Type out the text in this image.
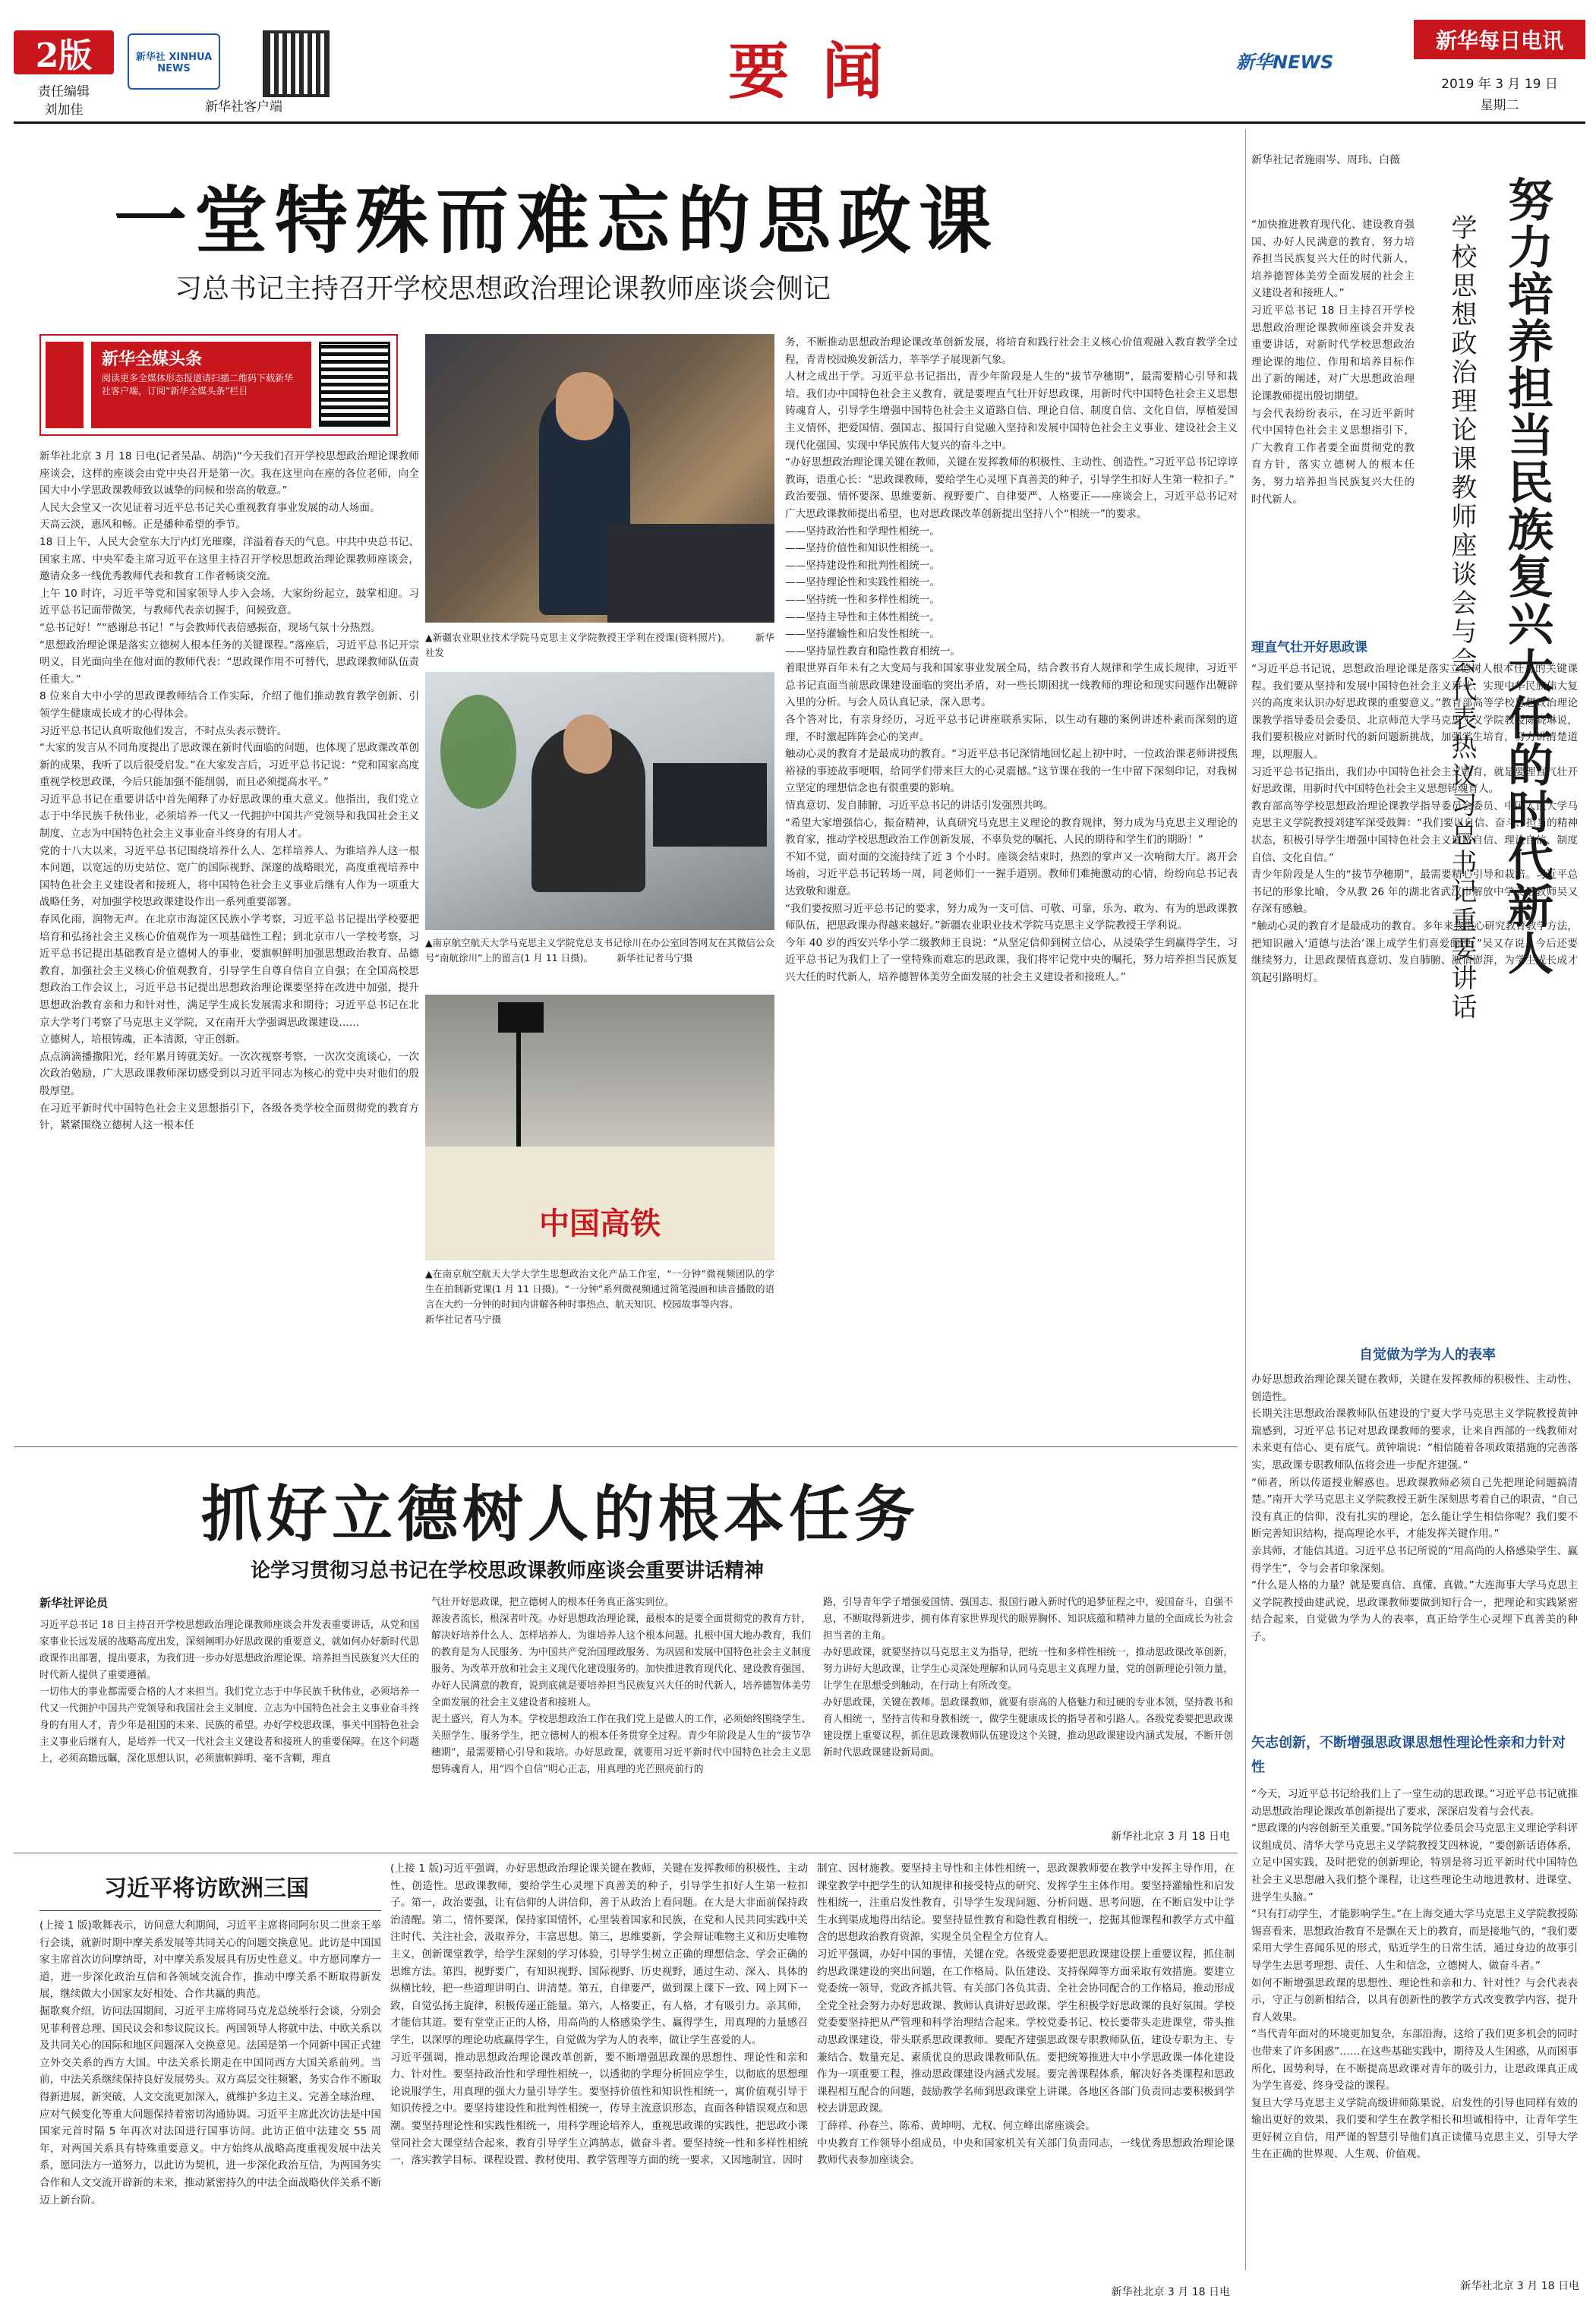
2版
责任编辑
刘加佳
新华社 XINHUA NEWS
新华社客户端	要 闻	新华每日电讯
新华NEWS
2019 年 3 月 19 日
星期二
一堂特殊而难忘的思政课
习总书记主持召开学校思想政治理论课教师座谈会侧记
新华全媒头条
阅读更多全媒体形态报道请扫描二维码下载新华社客户端，订阅“新华全媒头条”栏目
新华社北京 3 月 18 日电(记者吴晶、胡浩)“今天我们召开学校思想政治理论课教师座谈会，这样的座谈会由党中央召开是第一次。我在这里向在座的各位老师，向全国大中小学思政课教师致以诚挚的问候和崇高的敬意。”
人民大会堂又一次见证着习近平总书记关心重视教育事业发展的动人场面。
天高云淡，惠风和畅。正是播种希望的季节。
18 日上午，人民大会堂东大厅内灯光璀璨，洋溢着春天的气息。中共中央总书记、国家主席、中央军委主席习近平在这里主持召开学校思想政治理论课教师座谈会，邀请众多一线优秀教师代表和教育工作者畅谈交流。
上午 10 时许，习近平等党和国家领导人步入会场，大家纷纷起立，鼓掌相迎。习近平总书记面带微笑，与教师代表亲切握手，问候致意。
“总书记好！”“感谢总书记！”与会教师代表倍感振奋，现场气氛十分热烈。
“思想政治理论课是落实立德树人根本任务的关键课程。”落座后，习近平总书记开宗明义，目光面向坐在他对面的教师代表：“思政课作用不可替代，思政课教师队伍责任重大。”
8 位来自大中小学的思政课教师结合工作实际，介绍了他们推动教育教学创新、引领学生健康成长成才的心得体会。
习近平总书记认真听取他们发言，不时点头表示赞许。
“大家的发言从不同角度提出了思政课在新时代面临的问题，也体现了思政课改革创新的成果，我听了以后很受启发。”在大家发言后，习近平总书记说：“党和国家高度重视学校思政课，今后只能加强不能削弱，而且必须提高水平。”
习近平总书记在重要讲话中首先阐释了办好思政课的重大意义。他指出，我们党立志于中华民族千秋伟业，必须培养一代又一代拥护中国共产党领导和我国社会主义制度、立志为中国特色社会主义事业奋斗终身的有用人才。
党的十八大以来，习近平总书记围绕培养什么人、怎样培养人、为谁培养人这一根本问题，以宽远的历史站位、宽广的国际视野、深邃的战略眼光，高度重视培养中国特色社会主义建设者和接班人，将中国特色社会主义事业后继有人作为一项重大战略任务，对加强学校思政课建设作出一系列重要部署。
春风化雨，润物无声。在北京市海淀区民族小学考察，习近平总书记提出学校要把培育和弘扬社会主义核心价值观作为一项基础性工程；到北京市八一学校考察，习近平总书记提出基础教育是立德树人的事业，要旗帜鲜明加强思想政治教育、品德教育，加强社会主义核心价值观教育，引导学生自尊自信自立自强；在全国高校思想政治工作会议上，习近平总书记提出思想政治理论课要坚持在改进中加强，提升思想政治教育亲和力和针对性，满足学生成长发展需求和期待；习近平总书记在北京大学考门考察了马克思主义学院，又在南开大学强调思政课建设……
立德树人，培根铸魂，正本清源，守正创新。
点点滴滴播撒阳光，经年累月铸就美好。一次次视察考察，一次次交流谈心，一次次政治勉励，广大思政课教师深切感受到以习近平同志为核心的党中央对他们的殷殷厚望。
在习近平新时代中国特色社会主义思想指引下，各级各类学校全面贯彻党的教育方针，紧紧围绕立德树人这一根本任
▲新疆农业职业技术学院马克思主义学院教授王学利在授课(资料照片)。　　　新华社发
▲南京航空航天大学马克思主义学院党总支书记徐川在办公室回答网友在其微信公众号“南航徐川”上的留言(1 月 11 日摄)。　　　新华社记者马宁摄
中国高铁
▲在南京航空航天大学大学生思想政治文化产品工作室，“一分钟”微视频团队的学生在拍制新党课(1 月 11 日摄)。“一分钟”系列微视频通过简笔漫画和读音播散的语言在大约一分钟的时间内讲解各种时事热点、航天知识、校园故事等内容。
新华社记者马宁摄
务，不断推动思想政治理论课改革创新发展，将培育和践行社会主义核心价值观融入教育教学全过程，青青校园焕发新活力，莘莘学子展现新气象。
人材之成出于学。习近平总书记指出，青少年阶段是人生的“拔节孕穗期”，最需要精心引导和栽培。我们办中国特色社会主义教育，就是要理直气壮开好思政课，用新时代中国特色社会主义思想铸魂育人，引导学生增强中国特色社会主义道路自信、理论自信、制度自信、文化自信，厚植爱国主义情怀，把爱国情、强国志、报国行自觉融入坚持和发展中国特色社会主义事业、建设社会主义现代化强国、实现中华民族伟大复兴的奋斗之中。
“办好思想政治理论课关键在教师，关键在发挥教师的积极性、主动性、创造性。”习近平总书记谆谆教诲，语重心长：“思政课教师，要给学生心灵埋下真善美的种子，引导学生扣好人生第一粒扣子。”
政治要强、情怀要深、思维要新、视野要广、自律要严、人格要正——座谈会上，习近平总书记对广大思政课教师提出希望，也对思政课改革创新提出坚持八个“相统一”的要求。
——坚持政治性和学理性相统一。
——坚持价值性和知识性相统一。
——坚持建设性和批判性相统一。
——坚持理论性和实践性相统一。
——坚持统一性和多样性相统一。
——坚持主导性和主体性相统一。
——坚持灌输性和启发性相统一。
——坚持显性教育和隐性教育相统一。
着眼世界百年未有之大变局与我和国家事业发展全局，结合教书育人规律和学生成长规律，习近平总书记直面当前思政课建设面临的突出矛盾，对一些长期困扰一线教师的理论和现实问题作出鞭辟入里的分析。与会人员认真记录，深入思考。
各个答对比，有亲身经历，习近平总书记讲座联系实际，以生动有趣的案例讲述朴素而深刻的道理，不时激起阵阵会心的笑声。
触动心灵的教育才是最成功的教育。“习近平总书记深情地回忆起上初中时，一位政治课老师讲授焦裕禄的事迹故事哽咽，给同学们带来巨大的心灵震撼。”这节课在我的一生中留下深刻印记，对我树立坚定的理想信念也有很重要的影响。
情真意切、发自肺腑，习近平总书记的讲话引发强烈共鸣。
“希望大家增强信心，振奋精神，认真研究马克思主义理论的教育规律，努力成为马克思主义理论的教育家，推动学校思想政治工作创新发展，不辜负党的嘱托、人民的期待和学生们的期盼！”
不知不觉，面对面的交流持续了近 3 个小时。座谈会结束时，热烈的掌声又一次响彻大厅。离开会场前，习近平总书记转场一周，同老师们一一握手道别。教师们难掩激动的心情，纷纷向总书记表达致敬和谢意。
“我们要按照习近平总书记的要求，努力成为一支可信、可敬、可靠，乐为、敢为、有为的思政课教师队伍，把思政课办得越来越好。”新疆农业职业技术学院马克思主义学院教授王学利说。
今年 40 岁的西安兴华小学二级教师王良说：“从坚定信仰到树立信心，从浸染学生到赢得学生，习近平总书记为我们上了一堂特殊而难忘的思政课，我们将牢记党中央的嘱托，努力培养担当民族复兴大任的时代新人，培养德智体美劳全面发展的社会主义建设者和接班人。”
努力培养担当民族复兴大任的时代新人
学校思想政治理论课教师座谈会与会代表热议习总书记重要讲话
新华社记者施雨岑、周玮、白薇
“加快推进教育现代化、建设教育强国、办好人民满意的教育，努力培养担当民族复兴大任的时代新人，培养德智体美劳全面发展的社会主义建设者和接班人。”
习近平总书记 18 日主持召开学校思想政治理论课教师座谈会并发表重要讲话，对新时代学校思想政治理论课的地位、作用和培养目标作出了新的阐述，对广大思想政治理论课教师提出殷切期望。
与会代表纷纷表示，在习近平新时代中国特色社会主义思想指引下，广大教育工作者要全面贯彻党的教育方针，落实立德树人的根本任务，努力培养担当民族复兴大任的时代新人。
理直气壮开好思政课
“习近平总书记说，思想政治理论课是落实立德树人根本任务的关键课程。我们要从坚持和发展中国特色社会主义事业、实现中华民族伟大复兴的高度来认识办好思政课的重要意义。”教育部高等学校思想政治理论课教学指导委员会委员、北京师范大学马克思主义学院教授陈晓琳说，我们要积极应对新时代的新问题新挑战，加强学生培育，努力讲清楚道理，以理服人。
习近平总书记指出，我们办中国特色社会主义教育，就是要理直气壮开好思政课，用新时代中国特色社会主义思想铸魂育人。
教育部高等学校思想政治理论课教学指导委员会委员、中国人民大学马克思主义学院教授刘建军深受鼓舞：“我们要以自信、奋斗、担当的精神状态，积极引导学生增强中国特色社会主义道路自信、理论自信、制度自信、文化自信。”
青少年阶段是人生的“拔节孕穗期”，最需要精心引导和栽培。习近平总书记的形象比喻，令从教 26 年的湖北省武汉市解放中学英语教师吴又存深有感触。
“触动心灵的教育才是最成功的教育。多年来我潜心研究教育教学方法，把知识融入‘道德与法治’课上成学生们喜爱的课。”吴又存说，今后还要继续努力，让思政课情真意切、发自肺腑、激情澎湃，为学生成长成才筑起引路明灯。
自觉做为学为人的表率
办好思想政治理论课关键在教师，关键在发挥教师的积极性、主动性、创造性。
长期关注思想政治课教师队伍建设的宁夏大学马克思主义学院教授黄钟瑞感到，习近平总书记对思政课教师的要求，让来自西部的一线教师对未来更有信心、更有底气。黄钟瑞说：“相信随着各项政策措施的完善落实，思政课专职教师队伍将会进一步配齐建强。”
“师者，所以传道授业解惑也。思政课教师必须自己先把理论问题搞清楚。”南开大学马克思主义学院教授王新生深刻思考着自己的职责，“自己没有真正的信仰，没有扎实的理论，怎么能让学生相信你呢？我们要不断完善知识结构，提高理论水平，才能发挥关键作用。”
亲其师，才能信其道。习近平总书记所说的“用高尚的人格感染学生、赢得学生”，令与会者印象深刻。
“什么是人格的力量？就是要真信、真懂、真做。”大连海事大学马克思主义学院教授曲建武说，思政课教师要做到知行合一，把理论和实践紧密结合起来，自觉做为学为人的表率，真正给学生心灵埋下真善美的种子。
矢志创新，不断增强思政课思想性理论性亲和力针对性
“今天，习近平总书记给我们上了一堂生动的思政课。”习近平总书记就推动思想政治理论课改革创新提出了要求，深深启发着与会代表。
“思政课的内容创新至关重要。”国务院学位委员会马克思主义理论学科评议组成员、清华大学马克思主义学院教授艾四林说，“要创新话语体系，立足中国实践，及时把党的创新理论，特别是将习近平新时代中国特色社会主义思想融入我们整个课程，让这些理论生动地进教材、进课堂、进学生头脑。”
“只有打动学生，才能影响学生。”在上海交通大学马克思主义学院教授陈锡喜看来，思想政治教育不是飘在天上的教育，而是接地气的，“我们要采用大学生喜闻乐见的形式，贴近学生的日常生活，通过身边的故事引导学生去思考理想、责任、人生和信念，立德树人、做奋斗者。”
如何不断增强思政课的思想性、理论性和亲和力、针对性？与会代表表示，守正与创新相结合，以具有创新性的教学方式改变教学内容，提升育人效果。
“当代青年面对的环境更加复杂，东部沿海，这给了我们更多机会的同时也带来了许多困惑”……在这些基础实践中，期待及人生困惑，从而困事所化，因势利导，在不断提高思政课对青年的吸引力，让思政课真正成为学生喜爱、终身受益的课程。
复旦大学马克思主义学院高级讲师陈果说，启发性的引导也同样有效的输出更好的效果，我们要和学生在教学相长和坦诚相待中，让青年学生更好树立自信，用严谨的智慧引导他们真正读懂马克思主义，引导大学生在正确的世界观、人生观、价值观。
新华社北京 3 月 18 日电
抓好立德树人的根本任务
论学习贯彻习总书记在学校思政课教师座谈会重要讲话精神
新华社评论员
习近平总书记 18 日主持召开学校思想政治理论课教师座谈会并发表重要讲话，从党和国家事业长远发展的战略高度出发，深刻阐明办好思政课的重要意义，就如何办好新时代思政课作出部署，提出要求，为我们进一步办好思想政治理论课、培养担当民族复兴大任的时代新人提供了重要遵循。
一切伟大的事业都需要合格的人才来担当。我们党立志于中华民族千秋伟业，必须培养一代又一代拥护中国共产党领导和我国社会主义制度、立志为中国特色社会主义事业奋斗终身的有用人才，青少年是祖国的未来、民族的希望。办好学校思政课，事关中国特色社会主义事业后继有人，是培养一代又一代社会主义建设者和接班人的重要保障。在这个问题上，必须高瞻远瞩，深化思想认识，必须旗帜鲜明、毫不含糊，理直
气壮开好思政课，把立德树人的根本任务真正落实到位。
源浚者流长，根深者叶茂。办好思想政治理论课，最根本的是要全面贯彻党的教育方针，解决好培养什么人、怎样培养人、为谁培养人这个根本问题。扎根中国大地办教育，我们的教育是为人民服务、为中国共产党治国理政服务、为巩固和发展中国特色社会主义制度服务、为改革开放和社会主义现代化建设服务的。加快推进教育现代化、建设教育强国、办好人民满意的教育，说到底就是要培养担当民族复兴大任的时代新人，培养德智体美劳全面发展的社会主义建设者和接班人。
泥土盛兴，育人为本。学校思想政治工作在我们党上是做人的工作，必须始终围绕学生、关照学生、服务学生，把立德树人的根本任务贯穿全过程。青少年阶段是人生的“拔节孕穗期”，最需要精心引导和栽培。办好思政课，就要用习近平新时代中国特色社会主义思想铸魂育人，用“四个自信”明心正志，用真理的光芒照亮前行的
路，引导青年学子增强爱国情、强国志、报国行融入新时代的追梦征程之中，爱国奋斗，自强不息，不断取得新进步，拥有体育家世界现代的眼界胸怀、知识底蕴和精神力量的全面成长为社会担当者的主角。
办好思政课，就要坚持以马克思主义为指导，把统一性和多样性相统一，推动思政课改革创新，努力讲好大思政课，让学生心灵深处理解和认同马克思主义真理力量，党的创新理论引领力量，让学生在思想受到触动，在行动上有所改变。
办好思政课，关键在教师。思政课教师，就要有崇高的人格魅力和过硬的专业本领，坚持教书和育人相统一，坚持言传和身教相统一，做学生健康成长的指导者和引路人。各级党委要把思政课建设摆上重要议程，抓住思政课教师队伍建设这个关键，推动思政课建设内涵式发展，不断开创新时代思政课建设新局面。
新华社北京 3 月 18 日电
习近平将访欧洲三国
(上接 1 版)歌舞表示，访问意大利期间，习近平主席将同阿尔贝二世亲王举行会谈，就新时期中摩关系发展等共同关心的问题交换意见。此访是中国国家主席首次访问摩纳哥，对中摩关系发展具有历史性意义。中方愿同摩方一道，进一步深化政治互信和各领域交流合作，推动中摩关系不断取得新发展，继续做大小国家友好相处、合作共赢的典范。
掘歌爽介绍，访问法国期间，习近平主席将同马克龙总统举行会谈，分别会见菲利普总理、国民议会和参议院议长。两国领导人将就中法、中欧关系以及共同关心的国际和地区问题深入交换意见。法国是第一个同新中国正式建立外交关系的西方大国。中法关系长期走在中国同西方大国关系前列。当前，中法关系继续保持良好发展势头。双方高层交往频繁，务实合作不断取得新进展，新突破，人文交流更加深入，就维护多边主义、完善全球治理、应对气候变化等重大问题保持着密切沟通协调。习近平主席此次访法是中国国家元首时隔 5 年再次对法国进行国事访问。此访正值中法建交 55 周年，对两国关系具有特殊重要意义。中方始终从战略高度重视发展中法关系，愿同法方一道努力，以此访为契机，进一步深化政治互信，为两国务实合作和人文交流开辟新的未来，推动紧密持久的中法全面战略伙伴关系不断迈上新台阶。
(上接 1 版)习近平强调，办好思想政治理论课关键在教师，关键在发挥教师的积极性、主动性、创造性。思政课教师，要给学生心灵埋下真善美的种子，引导学生扣好人生第一粒扣子。第一，政治要强，让有信仰的人讲信仰，善于从政治上看问题。在大是大非面前保持政治清醒。第二，情怀要深，保持家国情怀，心里装着国家和民族，在党和人民共同实践中关注时代、关注社会，汲取养分，丰富思想。第三，思维要新，学会辩证唯物主义和历史唯物主义，创新课堂教学，给学生深刻的学习体验，引导学生树立正确的理想信念、学会正确的思维方法。第四，视野要广，有知识视野、国际视野、历史视野，通过生动、深入、具体的纵横比较，把一些道理讲明白、讲清楚。第五，自律要严，做到课上课下一致、网上网下一致，自觉弘扬主旋律，积极传递正能量。第六，人格要正，有人格，才有吸引力。亲其师，才能信其道。要有堂堂正正的人格，用高尚的人格感染学生、赢得学生，用真理的力量感召学生，以深厚的理论功底赢得学生，自觉做为学为人的表率，做让学生喜爱的人。
习近平强调，推动思想政治理论课改革创新，要不断增强思政课的思想性、理论性和亲和力、针对性。要坚持政治性和学理性相统一，以透彻的学理分析回应学生，以彻底的思想理论说服学生，用真理的强大力量引导学生。要坚持价值性和知识性相统一，寓价值观引导于知识传授之中。要坚持建设性和批判性相统一，传导主流意识形态，直面各种错误观点和思潮。要坚持理论性和实践性相统一，用科学理论培养人，重视思政课的实践性，把思政小课堂同社会大课堂结合起来，教育引导学生立鸿鹄志，做奋斗者。要坚持统一性和多样性相统一，落实教学目标、课程设置、教材使用、教学管理等方面的统一要求，又因地制宜、因时
制宜、因材施教。要坚持主导性和主体性相统一，思政课教师要在教学中发挥主导作用，在课堂教学中把学生的认知规律和接受特点的研究、发挥学生主体作用。要坚持灌输性和启发性相统一，注重启发性教育，引导学生发现问题、分析问题、思考问题，在不断启发中让学生水到渠成地得出结论。要坚持显性教育和隐性教育相统一，挖掘其他课程和教学方式中蕴含的思想政治教育资源，实现全员全程全方位育人。
习近平强调，办好中国的事情，关键在党。各级党委要把思政课建设摆上重要议程，抓住制约思政课建设的突出问题，在工作格局、队伍建设、支持保障等方面采取有效措施。要建立党委统一领导，党政齐抓共管、有关部门各负其责、全社会协同配合的工作格局，推动形成全党全社会努力办好思政课、教师认真讲好思政课、学生积极学好思政课的良好氛围。学校党委要坚持把从严管理和科学治理结合起来。学校党委书记、校长要带头走进课堂，带头推动思政课建设，带头联系思政课教师。要配齐建强思政课专职教师队伍，建设专职为主、专兼结合、数量充足、素质优良的思政课教师队伍。要把统筹推进大中小学思政课一体化建设作为一项重要工程，推动思政课建设内涵式发展。要完善课程体系，解决好各类课程和思政课程相互配合的问题，鼓励教学名师到思政课堂上讲课。各地区各部门负责同志要积极到学校去讲思政课。
丁薛祥、孙春兰、陈希、黄坤明、尤权、何立峰出席座谈会。
中央教育工作领导小组成员，中央和国家机关有关部门负责同志，一线优秀思想政治理论课教师代表参加座谈会。
新华社北京 3 月 18 日电
